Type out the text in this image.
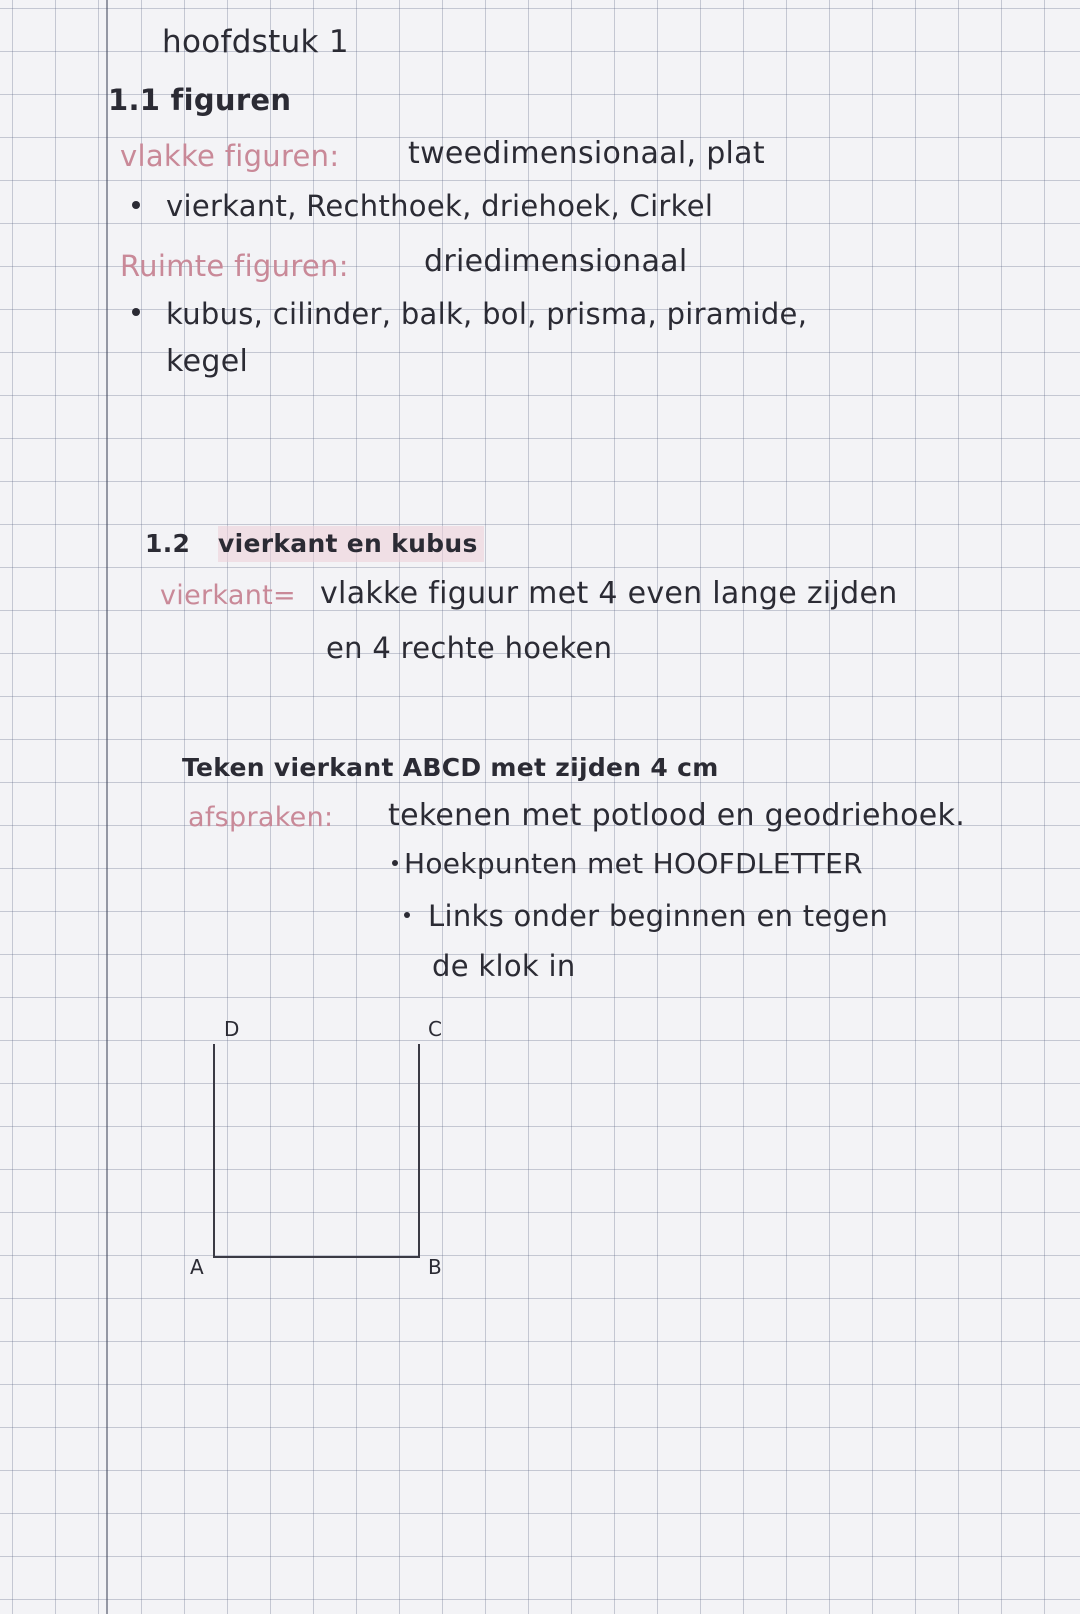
hoofdstuk 1
1.1 figuren
vlakke figuren: tweedimensionaal, plat
vierkant, Rechthoek, driehoek, Cirkel
Ruimte figuren:	driedimensionaal
kubus, cilinder, balk, bol, prisma, piramide,
kegel
1.2 vierkant en kubus
vierkant= vlakke figuur met 4 even lange zijden
en 4 rechte hoeken
Teken vierkant ABCD met zijden 4 cm
afspraken: tekenen met potlood en geodriehoek.
Hoekpunten met HOOFDLETTER
Links onder beginnen en tegen
de klok in
D	C
A	B
